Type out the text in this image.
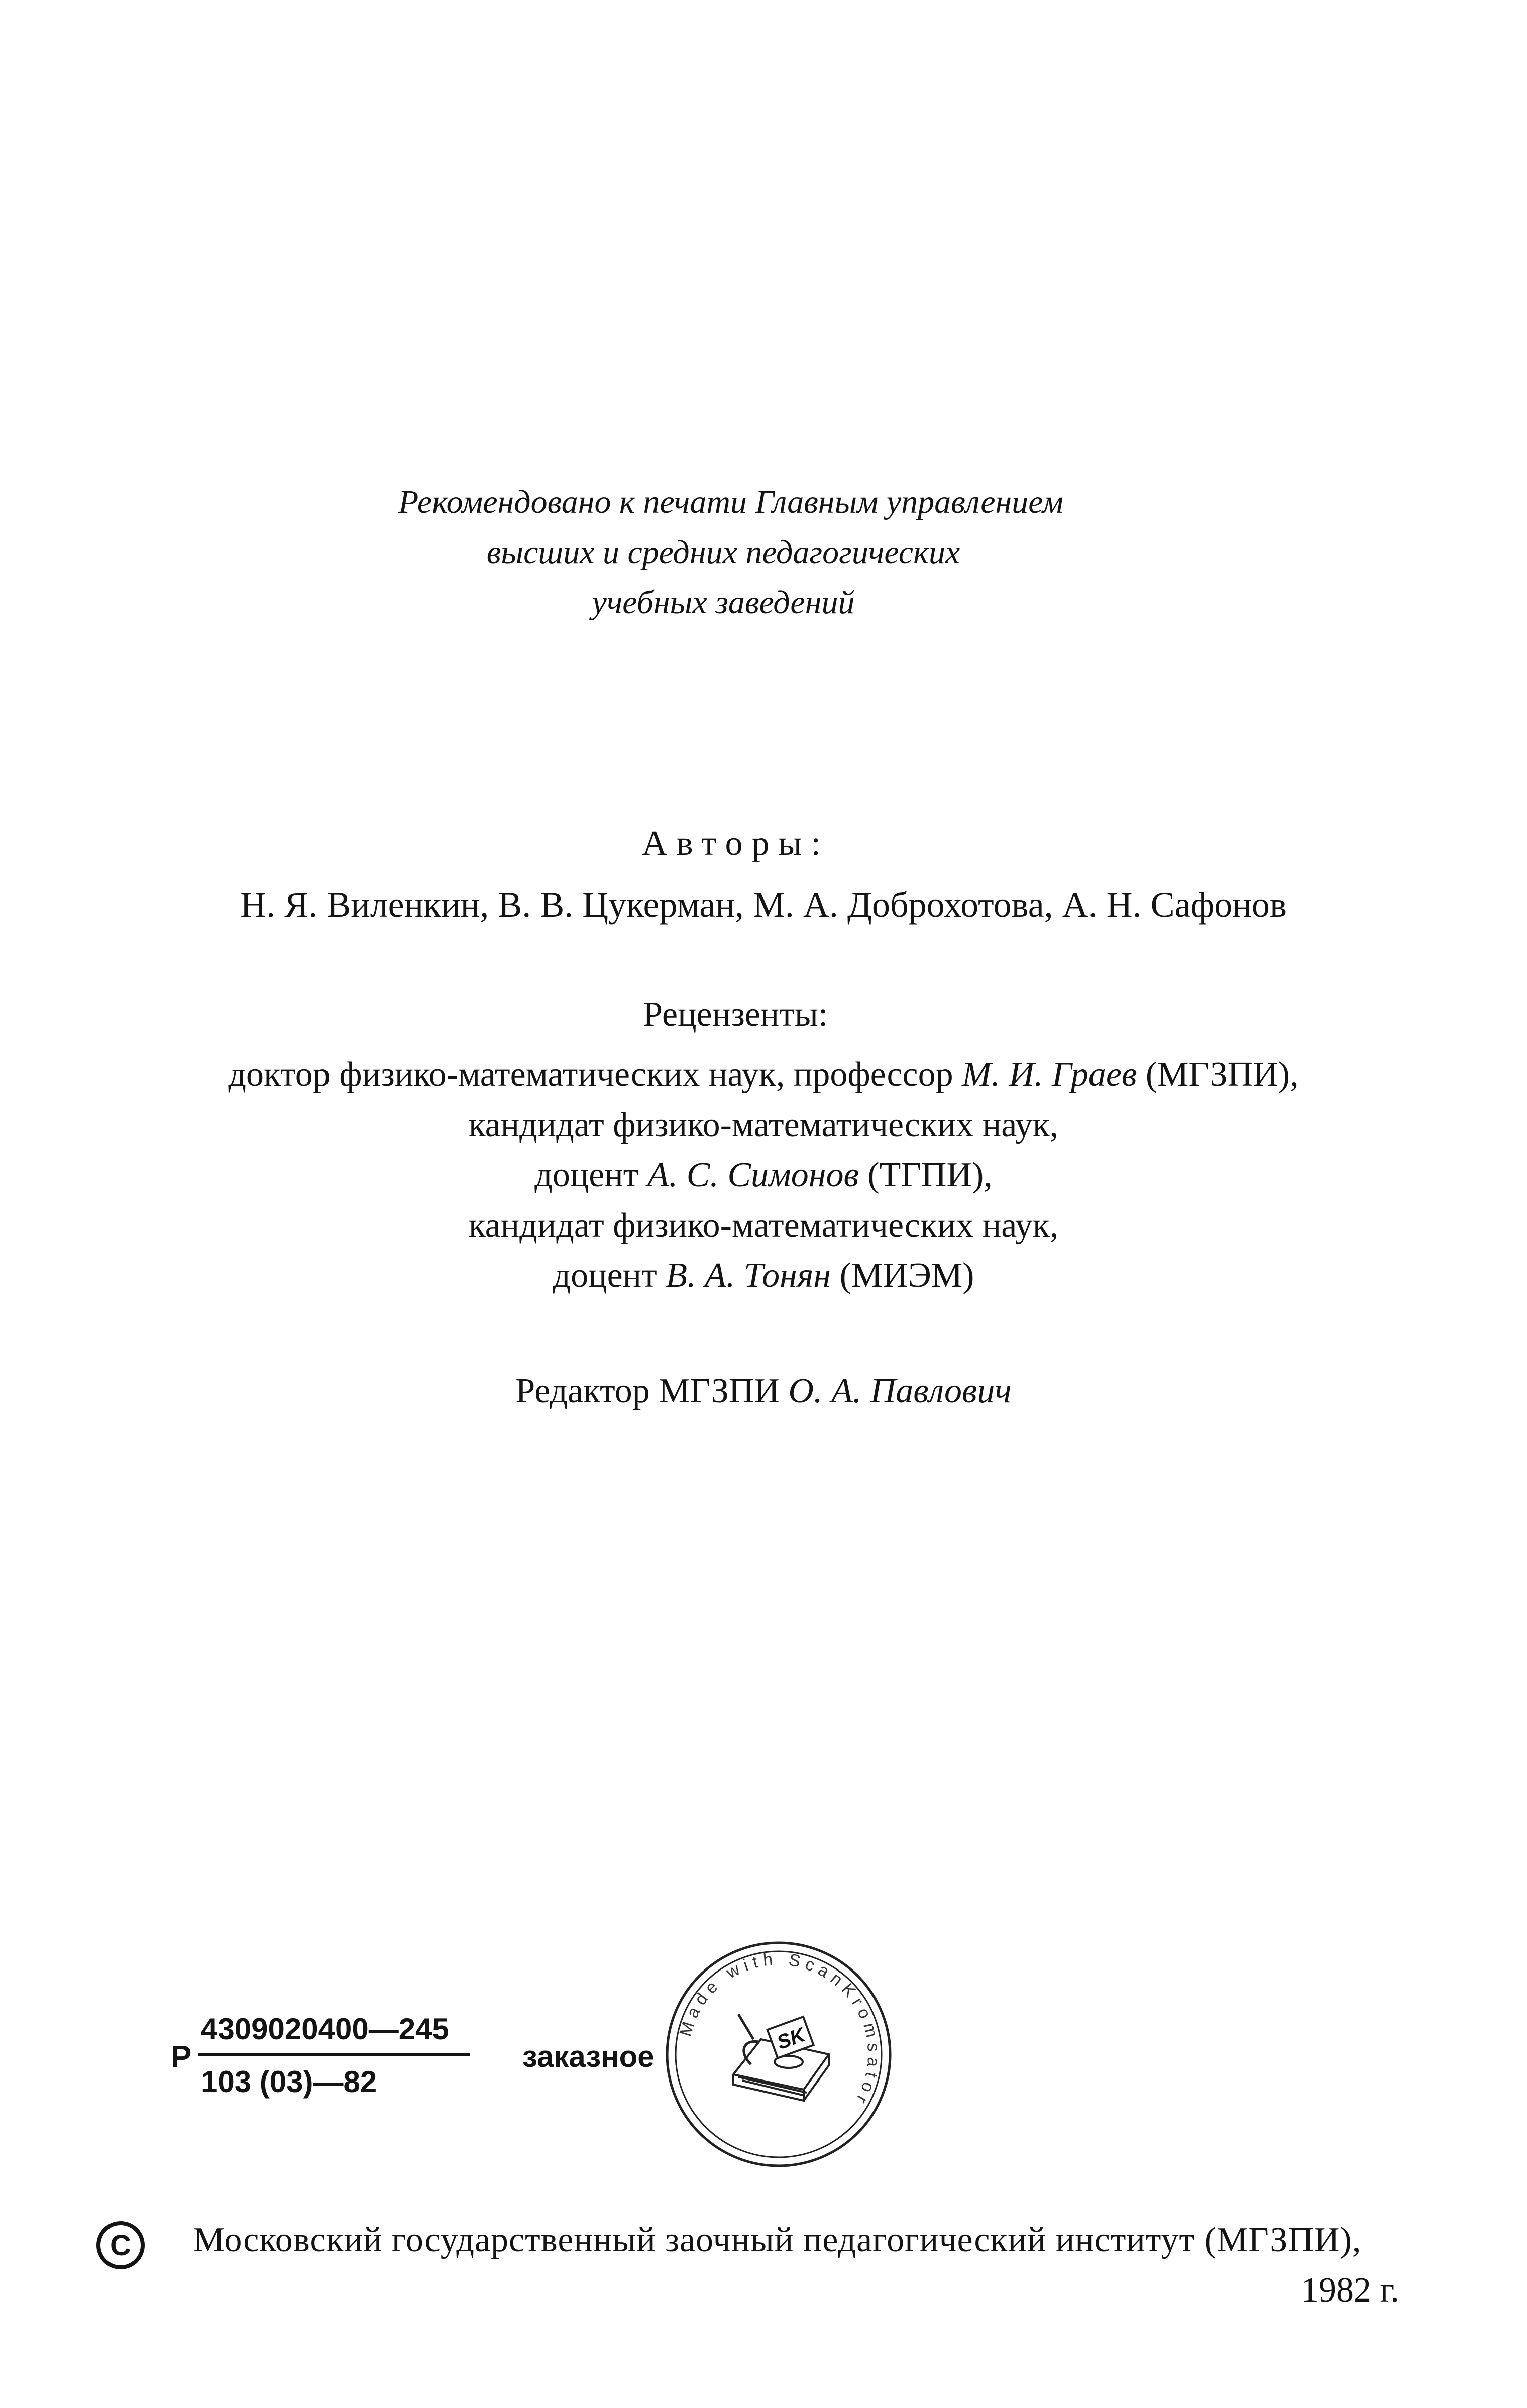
Рекомендовано к печати Главным управлением
высших и средних педагогических
учебных заведений
Авторы:
Н. Я. Виленкин, В. В. Цукерман, М. А. Доброхотова, А. Н. Сафонов
Рецензенты:
доктор физико-математических наук, профессор М. И. Граев (МГЗПИ),
кандидат физико-математических наук,
доцент А. С. Симонов (ТГПИ),
кандидат физико-математических наук,
доцент В. А. Тонян (МИЭМ)
Редактор МГЗПИ О. А. Павлович
Р
4309020400—245
103 (03)—82
заказное
Made with ScanKromsator
SK
C Московский государственный заочный педагогический институт (МГЗПИ),
1982 г.
